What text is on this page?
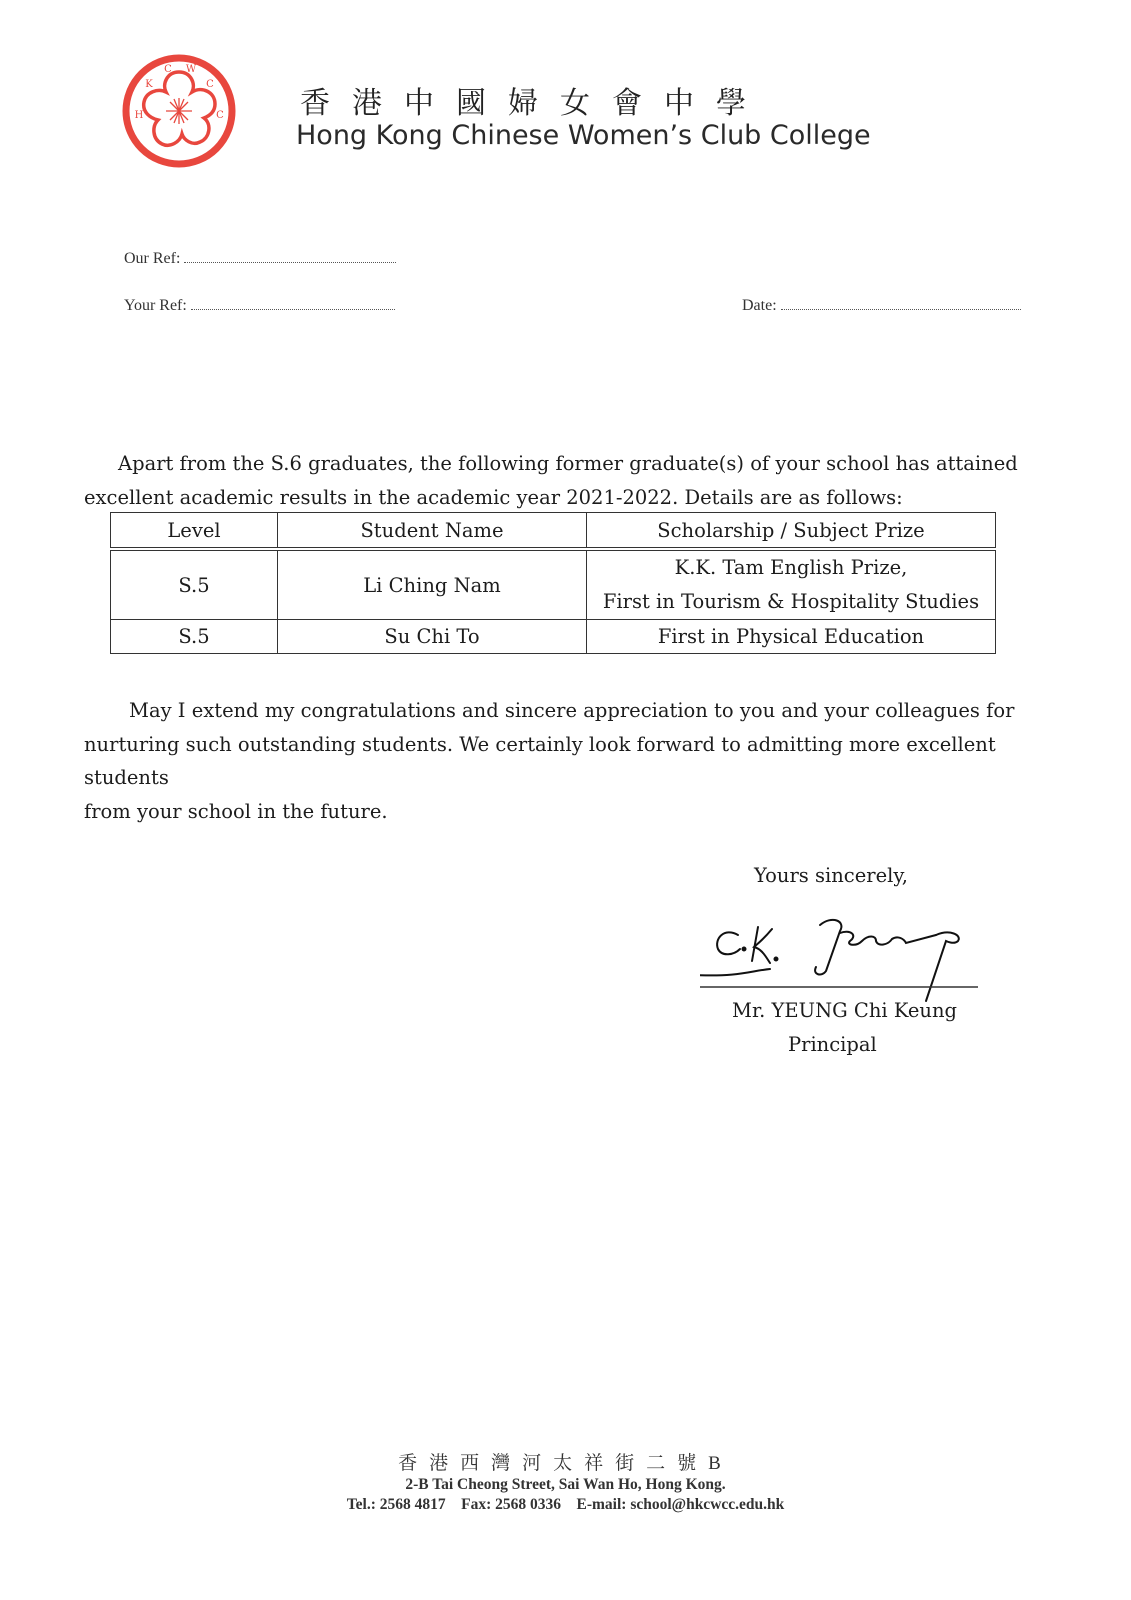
H
K
C W
C
C	香港中國婦女會中學
Hong Kong Chinese Women’s Club College
Our Ref:
Your Ref:	Date:

Apart from the S.6 graduates, the following former graduate(s) of your school has attained

excellent academic results in the academic year 2021-2022. Details are as follows:

Level	Student Name	Scholarship / Subject Prize
S.5	Li Ching Nam	K.K. Tam English Prize,
First in Tourism & Hospitality Studies

S.5	Su Chi To	First in Physical Education

May I extend my congratulations and sincere appreciation to you and your colleagues for

nurturing such outstanding students. We certainly look forward to admitting more excellent students

from your school in the future.

Yours sincerely,
Mr. YEUNG Chi Keung
Principal
香港西灣河太祥街二號B
2-B Tai Cheong Street, Sai Wan Ho, Hong Kong.
Tel.: 2568 4817    Fax: 2568 0336    E-mail: school@hkcwcc.edu.hk
